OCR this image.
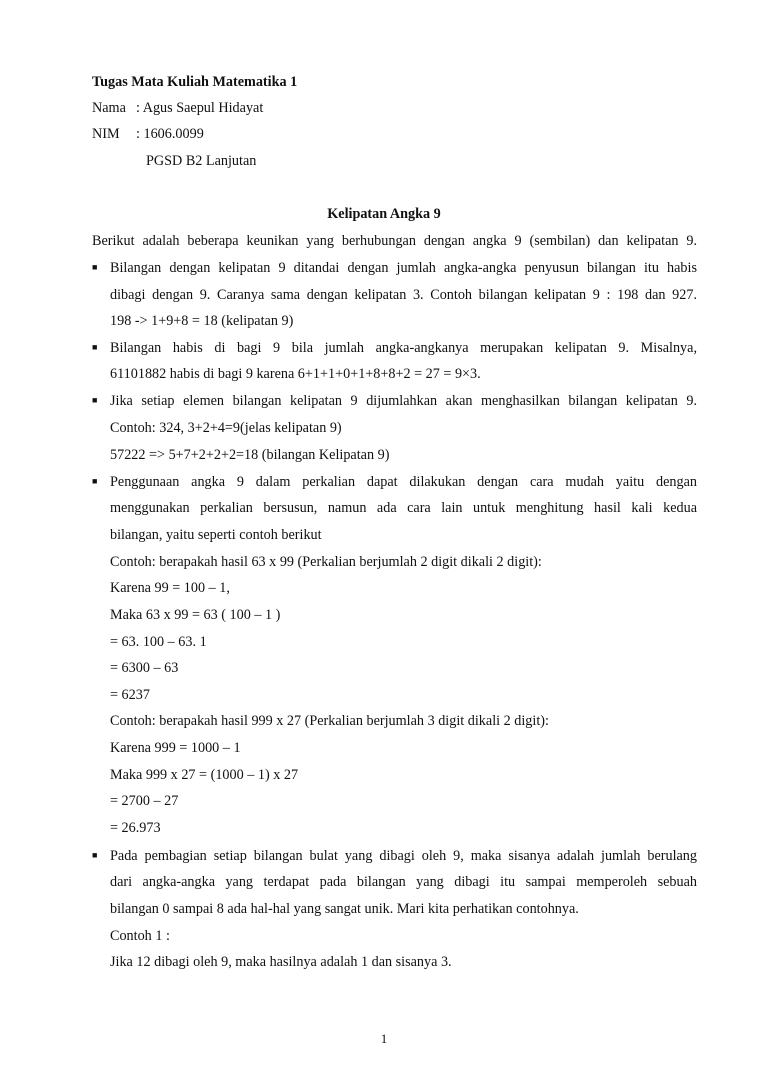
Tugas Mata Kuliah Matematika 1
Nama : Agus Saepul Hidayat
NIM : 1606.0099
PGSD B2 Lanjutan
Kelipatan Angka 9
Berikut adalah beberapa keunikan yang berhubungan dengan angka 9 (sembilan) dan kelipatan 9.
■ Bilangan dengan kelipatan 9 ditandai dengan jumlah angka-angka penyusun bilangan itu habis
dibagi dengan 9. Caranya sama dengan kelipatan 3. Contoh bilangan kelipatan 9 : 198 dan 927.
198 -> 1+9+8 = 18 (kelipatan 9)
■ Bilangan habis di bagi 9 bila jumlah angka-angkanya merupakan kelipatan 9. Misalnya,
61101882 habis di bagi 9 karena 6+1+1+0+1+8+8+2 = 27 = 9×3.
■ Jika setiap elemen bilangan kelipatan 9 dijumlahkan akan menghasilkan bilangan kelipatan 9.
Contoh: 324, 3+2+4=9(jelas kelipatan 9)
57222 => 5+7+2+2+2=18 (bilangan Kelipatan 9)
■ Penggunaan angka 9 dalam perkalian dapat dilakukan dengan cara mudah yaitu dengan
menggunakan perkalian bersusun, namun ada cara lain untuk menghitung hasil kali kedua
bilangan, yaitu seperti contoh berikut
Contoh: berapakah hasil 63 x 99 (Perkalian berjumlah 2 digit dikali 2 digit):
Karena 99 = 100 – 1,
Maka 63 x 99 = 63 ( 100 – 1 )
= 63. 100 – 63. 1
= 6300 – 63
= 6237
Contoh: berapakah hasil 999 x 27 (Perkalian berjumlah 3 digit dikali 2 digit):
Karena 999 = 1000 – 1
Maka 999 x 27 = (1000 – 1) x 27
= 2700 – 27
= 26.973
■ Pada pembagian setiap bilangan bulat yang dibagi oleh 9, maka sisanya adalah jumlah berulang
dari angka-angka yang terdapat pada bilangan yang dibagi itu sampai memperoleh sebuah
bilangan 0 sampai 8 ada hal-hal yang sangat unik. Mari kita perhatikan contohnya.
Contoh 1 :
Jika 12 dibagi oleh 9, maka hasilnya adalah 1 dan sisanya 3.
1
